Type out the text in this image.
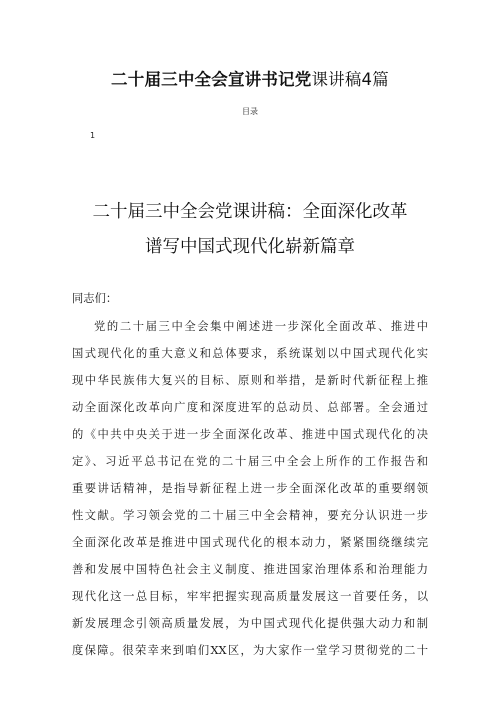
二十届三中全会宣讲书记党课讲稿4篇
目录
1
二十届三中全会党课讲稿：全面深化改革
谱写中国式现代化崭新篇章
同志们：
党的二十届三中全会集中阐述进一步深化全面改革、推进中
国式现代化的重大意义和总体要求，系统谋划以中国式现代化实
现中华民族伟大复兴的目标、原则和举措，是新时代新征程上推
动全面深化改革向广度和深度进军的总动员、总部署。全会通过
的《中共中央关于进一步全面深化改革、推进中国式现代化的决
定》、习近平总书记在党的二十届三中全会上所作的工作报告和
重要讲话精神，是指导新征程上进一步全面深化改革的重要纲领
性文献。学习领会党的二十届三中全会精神，要充分认识进一步
全面深化改革是推进中国式现代化的根本动力，紧紧围绕继续完
善和发展中国特色社会主义制度、推进国家治理体系和治理能力
现代化这一总目标，牢牢把握实现高质量发展这一首要任务，以
新发展理念引领高质量发展，为中国式现代化提供强大动力和制
度保障。很荣幸来到咱们XX区，为大家作一堂学习贯彻党的二十
